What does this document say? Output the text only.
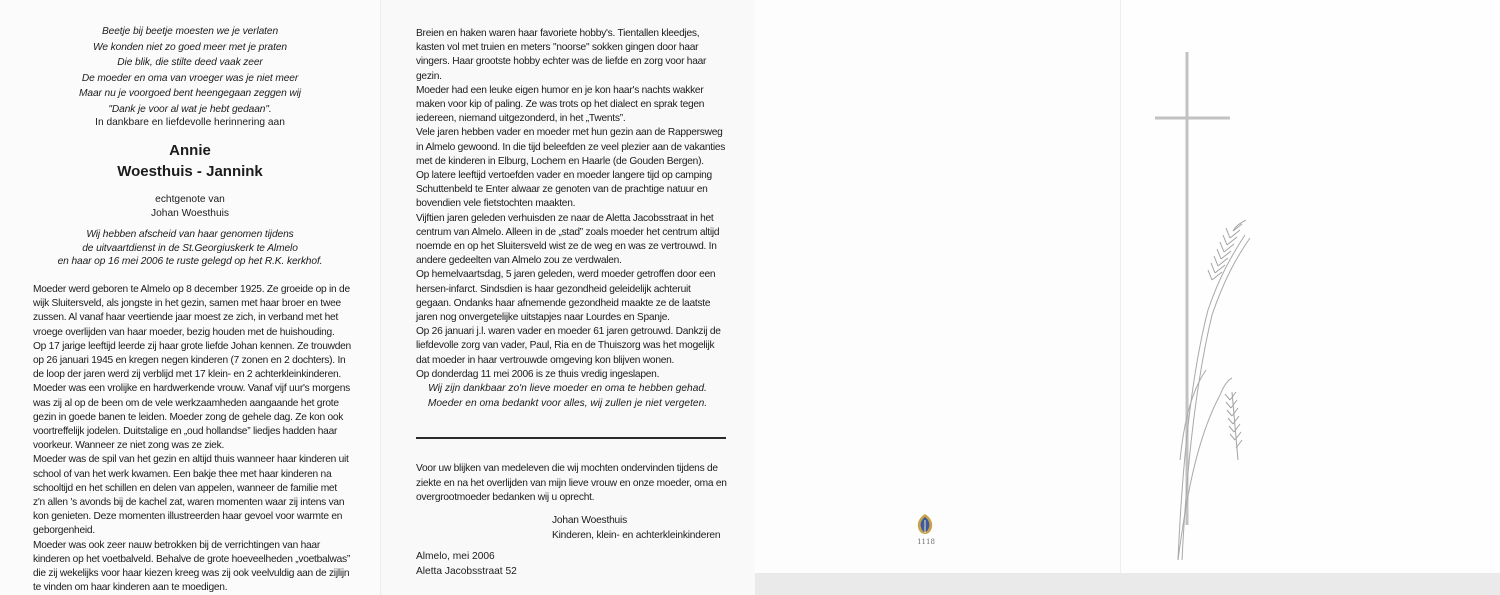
Beetje bij beetje moesten we je verlaten
We konden niet zo goed meer met je praten
Die blik, die stilte deed vaak zeer
De moeder en oma van vroeger was je niet meer
Maar nu je voorgoed bent heengegaan zeggen wij
"Dank je voor al wat je hebt gedaan".
In dankbare en liefdevolle herinnering aan
Annie
Woesthuis - Jannink
echtgenote van
Johan Woesthuis
Wij hebben afscheid van haar genomen tijdens
de uitvaartdienst in de St.Georgiuskerk te Almelo
en haar op 16 mei 2006 te ruste gelegd op het R.K. kerkhof.

Moeder werd geboren te Almelo op 8 december 1925. Ze groeide op in de wijk Sluitersveld, als jongste in het gezin, samen met haar broer en twee zussen. Al vanaf haar veertiende jaar moest ze zich, in verband met het vroege overlijden van haar moeder, bezig houden met de huishouding.

Op 17 jarige leeftijd leerde zij haar grote liefde Johan kennen. Ze trouwden op 26 januari 1945 en kregen negen kinderen (7 zonen en 2 dochters). In de loop der jaren werd zij verblijd met 17 klein- en 2 achterkleinkinderen.

Moeder was een vrolijke en hardwerkende vrouw. Vanaf vijf uur's morgens was zij al op de been om de vele werkzaamheden aangaande het grote gezin in goede banen te leiden. Moeder zong de gehele dag. Ze kon ook voortreffelijk jodelen. Duitstalige en „oud hollandse” liedjes hadden haar voorkeur. Wanneer ze niet zong was ze ziek.

Moeder was de spil van het gezin en altijd thuis wanneer haar kinderen uit school of van het werk kwamen. Een bakje thee met haar kinderen na schooltijd en het schillen en delen van appelen, wanneer de familie met z'n allen 's avonds bij de kachel zat, waren momenten waar zij intens van kon genieten. Deze momenten illustreerden haar gevoel voor warmte en geborgenheid.

Moeder was ook zeer nauw betrokken bij de verrichtingen van haar kinderen op het voetbalveld. Behalve de grote hoeveelheden „voetbalwas” die zij wekelijks voor haar kiezen kreeg was zij ook veelvuldig aan de zijlijn te vinden om haar kinderen aan te moedigen.

Breien en haken waren haar favoriete hobby's. Tientallen kleedjes, kasten vol met truien en meters "noorse" sokken gingen door haar vingers. Haar grootste hobby echter was de liefde en zorg voor haar gezin.

Moeder had een leuke eigen humor en je kon haar's nachts wakker maken voor kip of paling. Ze was trots op het dialect en sprak tegen iedereen, niemand uitgezonderd, in het „Twents”.

Vele jaren hebben vader en moeder met hun gezin aan de Rappersweg in Almelo gewoond. In die tijd beleefden ze veel plezier aan de vakanties met de kinderen in Elburg, Lochem en Haarle (de Gouden Bergen).

Op latere leeftijd vertoefden vader en moeder langere tijd op camping Schuttenbeld te Enter alwaar ze genoten van de prachtige natuur en bovendien vele fietstochten maakten.

Vijftien jaren geleden verhuisden ze naar de Aletta Jacobsstraat in het centrum van Almelo. Alleen in de „stad” zoals moeder het centrum altijd noemde en op het Sluitersveld wist ze de weg en was ze vertrouwd. In andere gedeelten van Almelo zou ze verdwalen.

Op hemelvaartsdag, 5 jaren geleden, werd moeder getroffen door een hersen-infarct. Sindsdien is haar gezondheid geleidelijk achteruit gegaan. Ondanks haar afnemende gezondheid maakte ze de laatste jaren nog onvergetelijke uitstapjes naar Lourdes en Spanje.

Op 26 januari j.l. waren vader en moeder 61 jaren getrouwd. Dankzij de liefdevolle zorg van vader, Paul, Ria en de Thuiszorg was het mogelijk dat moeder in haar vertrouwde omgeving kon blijven wonen.

Op donderdag 11 mei 2006 is ze thuis vredig ingeslapen.

Wij zijn dankbaar zo'n lieve moeder en oma te hebben gehad.
Moeder en oma bedankt voor alles, wij zullen je niet vergeten.
Voor uw blijken van medeleven die wij mochten ondervinden tijdens de ziekte en na het overlijden van mijn lieve vrouw en onze moeder, oma en overgrootmoeder bedanken wij u oprecht.
Johan Woesthuis
Kinderen, klein- en achterkleinkinderen
Almelo, mei 2006
Aletta Jacobsstraat 52
1118
